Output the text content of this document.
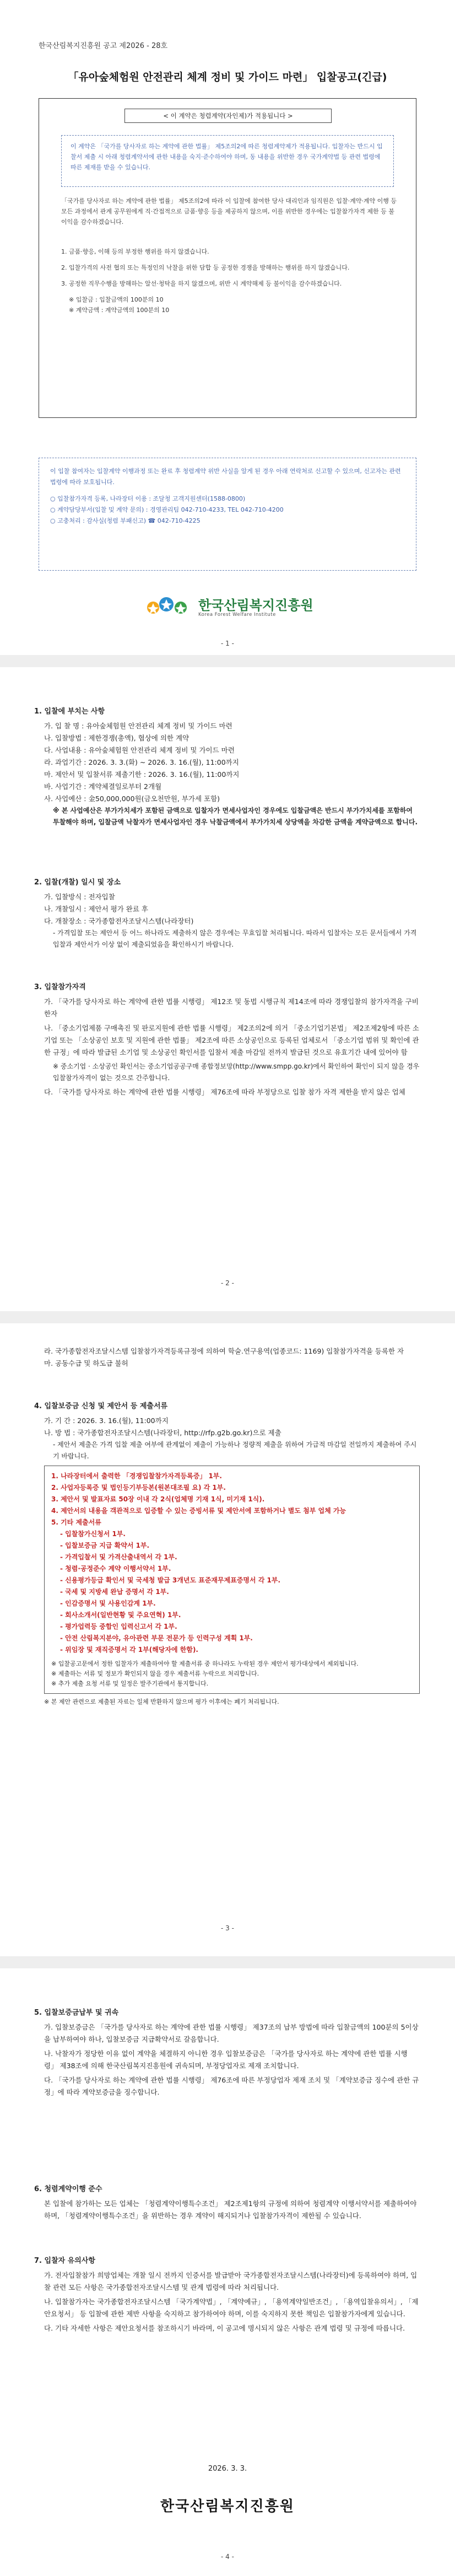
한국산림복지진흥원 공고 제2026 - 28호
「유아숲체험원 안전관리 체계 정비 및 가이드 마련」 입찰공고(긴급)
< 이 계약은 청렴계약(자인제)가 적용됩니다 >
이 계약은 「국가를 당사자로 하는 계약에 관한 법률」 제5조의2에 따른 청렴계약제가 적용됩니다. 입찰자는 반드시 입찰서 제출 시 아래 청렴계약서에 관한 내용을 숙지·준수하여야 하며, 동 내용을 위반한 경우 국가계약법 등 관련 법령에 따른 제재를 받을 수 있습니다.
「국가를 당사자로 하는 계약에 관한 법률」 제5조의2에 따라 이 입찰에 참여한 당사 대리인과 임직원은 입찰·계약·계약 이행 등 모든 과정에서 관계 공무원에게 직·간접적으로 금품·향응 등을 제공하지 않으며, 이를 위반한 경우에는 입찰참가자격 제한 등 불이익을 감수하겠습니다.
1. 금품·향응, 이해 등의 부정한 행위를 하지 않겠습니다.
2. 입찰가격의 사전 협의 또는 특정인의 낙찰을 위한 담합 등 공정한 경쟁을 방해하는 행위를 하지 않겠습니다.
3. 공정한 직무수행을 방해하는 알선·청탁을 하지 않겠으며, 위반 시 계약해제 등 불이익을 감수하겠습니다.
※ 입찰금 : 입찰금액의 100분의 10
※ 계약금액 : 계약금액의 100분의 10
이 입찰 참여자는 입찰계약 이행과정 또는 완료 후 청렴계약 위반 사실을 알게 된 경우 아래 연락처로 신고할 수 있으며, 신고자는 관련 법령에 따라 보호됩니다.
○ 입찰참가자격 등록, 나라장터 이용 : 조달청 고객지원센터(1588-0800)
○ 계약담당부서(입찰 및 계약 문의) : 경영관리팀 042-710-4233, TEL 042-710-4200
○ 고충처리 : 감사실(청렴 부패신고) ☎ 042-710-4225
한국산림복지진흥원
Korea Forest Welfare Institute
- 1 -
1. 입찰에 부치는 사항
가. 입 찰 명 : 유아숲체험원 안전관리 체계 정비 및 가이드 마련
나. 입찰방법 : 제한경쟁(총액), 협상에 의한 계약
다. 사업내용 : 유아숲체험원 안전관리 체계 정비 및 가이드 마련
라. 과업기간 : 2026. 3. 3.(화) ~ 2026. 3. 16.(월), 11:00까지
마. 제안서 및 입찰서류 제출기한 : 2026. 3. 16.(월), 11:00까지
바. 사업기간 : 계약체결일로부터 2개월
사. 사업예산 : 金50,000,000원(금오천만원, 부가세 포함)
※ 본 사업예산은 부가가치세가 포함된 금액으로 입찰자가 면세사업자인 경우에도 입찰금액은 반드시 부가가치세를 포함하여 투찰해야 하며, 입찰금액 낙찰자가 면세사업자인 경우 낙찰금액에서 부가가치세 상당액을 차감한 금액을 계약금액으로 합니다.
2. 입찰(개찰) 일시 및 장소
가. 입찰방식 : 전자입찰
나. 개찰일시 : 제안서 평가 완료 후
다. 개찰장소 : 국가종합전자조달시스템(나라장터)
- 가격입찰 또는 제안서 등 어느 하나라도 제출하지 않은 경우에는 무효입찰 처리됩니다. 따라서 입찰자는 모든 문서들에서 가격입찰과 제안서가 이상 없이 제출되었음을 확인하시기 바랍니다.
3. 입찰참가자격
가. 「국가를 당사자로 하는 계약에 관한 법률 시행령」 제12조 및 동법 시행규칙 제14조에 따라 경쟁입찰의 참가자격을 구비한자
나. 「중소기업제품 구매촉진 및 판로지원에 관한 법률 시행령」 제2조의2에 의거 「중소기업기본법」 제2조제2항에 따른 소기업 또는 「소상공인 보호 및 지원에 관한 법률」 제2조에 따른 소상공인으로 등록된 업체로서 「중소기업 범위 및 확인에 관한 규정」에 따라 발급된 소기업 및 소상공인 확인서를 입찰서 제출 마감일 전까지 발급된 것으로 유효기간 내에 있어야 함
※ 중소기업 · 소상공인 확인서는 중소기업공공구매 종합정보망(http://www.smpp.go.kr)에서 확인하여 확인이 되지 않을 경우 입찰참가자격이 없는 것으로 간주합니다.
다. 「국가를 당사자로 하는 계약에 관한 법률 시행령」 제76조에 따라 부정당으로 입찰 참가 자격 제한을 받지 않은 업체
- 2 -
라. 국가종합전자조달시스템 입찰참가자격등록규정에 의하여 학술.연구용역(업종코드: 1169) 입찰참가자격을 등록한 자
마. 공동수급 및 하도급 불허
4. 입찰보증금 신청 및 제안서 등 제출서류
가. 기 간 : 2026. 3. 16.(월), 11:00까지
나. 방 법 : 국가종합전자조달시스템(나라장터, http://rfp.g2b.go.kr)으로 제출
- 제안서 제출은 가격 입찰 제출 여부에 관계없이 제출이 가능하나 정량적 제출을 위하여 가급적 마감일 전일까지 제출하여 주시기 바랍니다.
1. 나라장터에서 출력한 「경쟁입찰참가자격등록증」 1부.
2. 사업자등록증 및 법인등기부등본(원본대조필 요) 각 1부.
3. 제안서 및 발표자료 50장 이내 각 2식(업체명 기재 1식, 미기재 1식).
4. 제안서의 내용을 객관적으로 입증할 수 있는 증빙서류 및 제안서에 포함하거나 별도 첨부 업체 가능
5. 기타 제출서류
- 입찰참가신청서 1부.
- 입찰보증금 지급 확약서 1부.
- 가격입찰서 및 가격산출내역서 각 1부.
- 청렴·공정준수 계약 이행서약서 1부.
- 신용평가등급 확인서 및 국세청 발급 3개년도 표준재무제표증명서 각 1부.
- 국세 및 지방세 완납 증명서 각 1부.
- 인감증명서 및 사용인감계 1부.
- 회사소개서(일반현황 및 주요연혁) 1부.
- 평가업력등 중합인 입력신고서 각 1부.
- 안전 산림복지분야, 유아관련 부문 전문가 등 인력구성 계획 1부.
- 위임장 및 재직증명서 각 1부(해당자에 한함).
※ 입찰공고문에서 정한 입찰자가 제출하여야 할 제출서류 중 하나라도 누락된 경우 제안서 평가대상에서 제외됩니다.
※ 제출하는 서류 및 정보가 확인되지 않을 경우 제출서류 누락으로 처리합니다.
※ 추가 제출 요청 서류 및 일정은 발주기관에서 통지합니다.
※ 본 제안 관련으로 제출된 자료는 일체 반환하지 않으며 평가 이후에는 폐기 처리됩니다.
- 3 -
5. 입찰보증금납부 및 귀속
가. 입찰보증금은 「국가를 당사자로 하는 계약에 관한 법률 시행령」 제37조의 납부 방법에 따라 입찰금액의 100분의 5이상을 납부하여야 하나, 입찰보증금 지급확약서로 갈음합니다.
나. 낙찰자가 정당한 이유 없이 계약을 체결하지 아니한 경우 입찰보증금은 「국가를 당사자로 하는 계약에 관한 법률 시행령」 제38조에 의해 한국산림복지진흥원에 귀속되며, 부정당업자로 제재 조치합니다.
다. 「국가를 당사자로 하는 계약에 관한 법률 시행령」 제76조에 따른 부정당업자 제재 조치 및 「계약보증금 징수에 관한 규정」에 따라 계약보증금을 징수합니다.
6. 청렴계약이행 준수
본 입찰에 참가하는 모든 업체는 「청렴계약이행특수조건」 제2조제1항의 규정에 의하여 청렴계약 이행서약서를 제출하여야 하며, 「청렴계약이행특수조건」을 위반하는 경우 계약이 해지되거나 입찰참가자격이 제한될 수 있습니다.
7. 입찰자 유의사항
가. 전자입찰참가 희망업체는 개찰 일시 전까지 인증서를 발급받아 국가종합전자조달시스템(나라장터)에 등록하여야 하며, 입찰 관련 모든 사항은 국가종합전자조달시스템 및 관계 법령에 따라 처리됩니다.
나. 입찰참가자는 국가종합전자조달시스템 「국가계약법」, 「계약예규」, 「용역계약일반조건」, 「용역입찰유의서」, 「제안요청서」 등 입찰에 관한 제반 사항을 숙지하고 참가하여야 하며, 이를 숙지하지 못한 책임은 입찰참가자에게 있습니다.
다. 기타 자세한 사항은 제안요청서를 참조하시기 바라며, 이 공고에 명시되지 않은 사항은 관계 법령 및 규정에 따릅니다.
2026. 3. 3.
한국산림복지진흥원
- 4 -
